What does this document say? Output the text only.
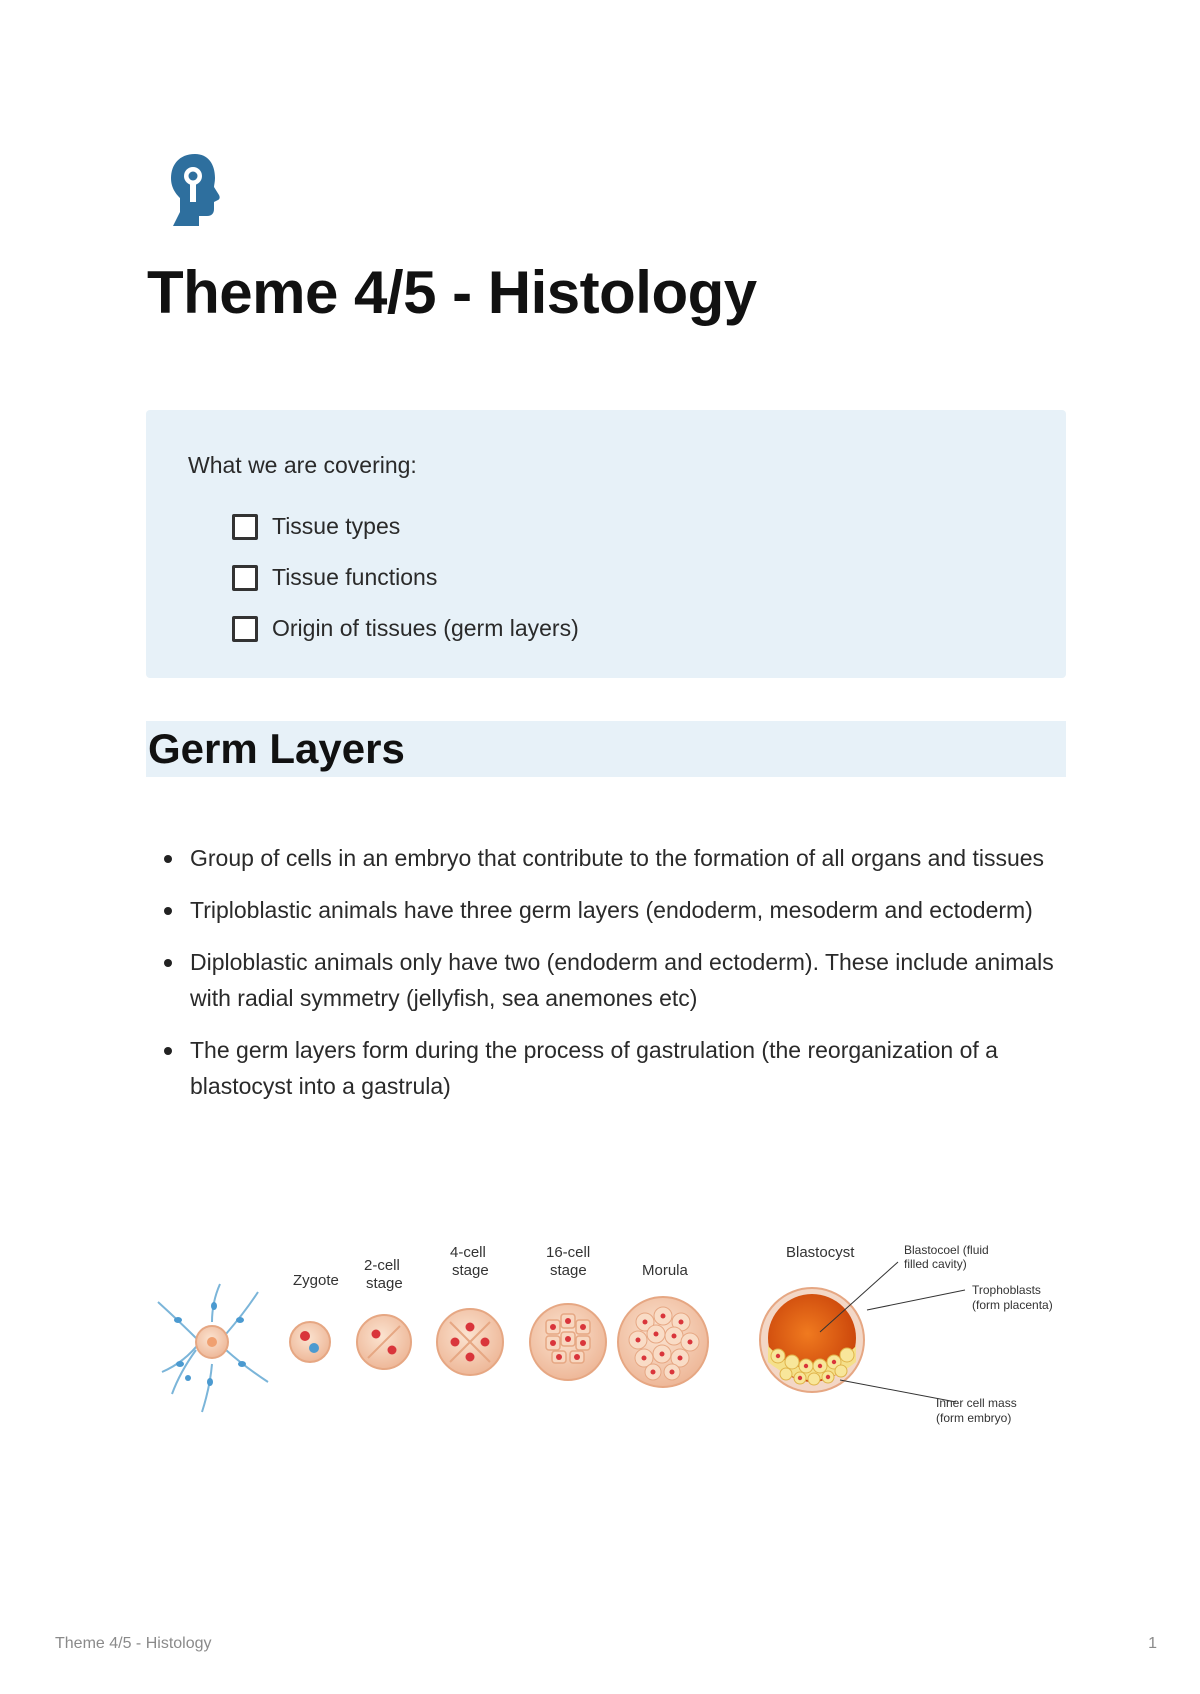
Theme 4/5 - Histology
What we are covering:
Tissue types
Tissue functions
Origin of tissues (germ layers)
Germ Layers
Group of cells in an embryo that contribute to the formation of all organs and tissues
Triploblastic animals have three germ layers (endoderm, mesoderm and ectoderm)
Diploblastic animals only have two (endoderm and ectoderm). These include animals with radial symmetry (jellyfish, sea anemones etc)
The germ layers form during the process of gastrulation (the reorganization of a blastocyst into a gastrula)
Zygote
2-cell
stage
4-cell
stage
16-cell
stage	Morula
Blastocyst	Blastocoel (fluid
filled cavity)
Trophoblasts
(form placenta)
Inner cell mass
(form embryo)
Theme 4/5 - Histology	1
